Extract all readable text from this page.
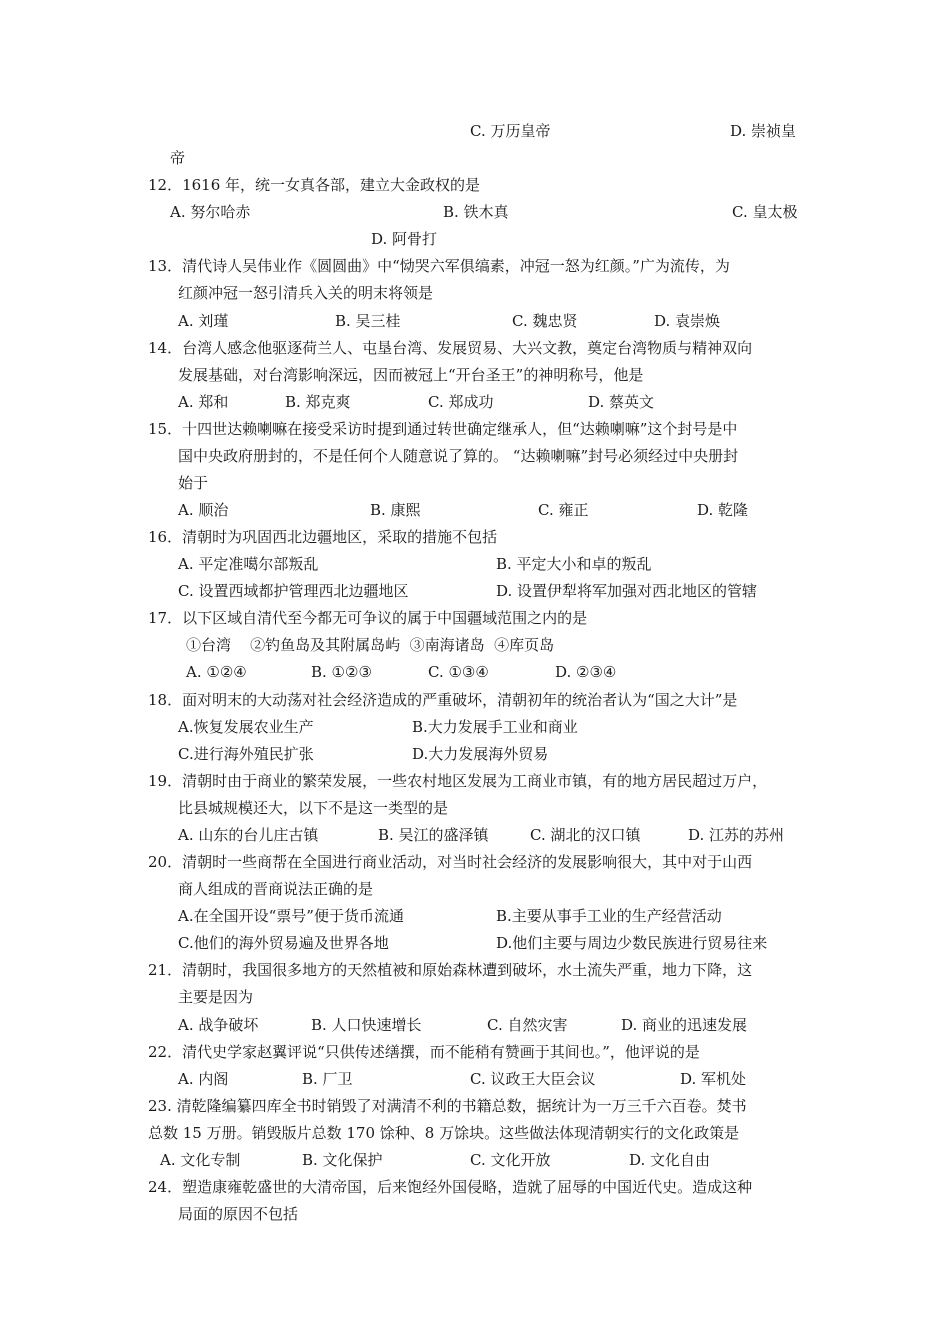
C. 万历皇帝	D. 崇祯皇
帝
12．1616 年，统一女真各部，建立大金政权的是
A. 努尔哈赤	B. 铁木真	C. 皇太极
D. 阿骨打
13．清代诗人吴伟业作《圆圆曲》中“恸哭六军俱缟素，冲冠一怒为红颜。”广为流传，为
红颜冲冠一怒引清兵入关的明末将领是
A. 刘瑾	B. 吴三桂	C. 魏忠贤	D. 袁崇焕
14．台湾人感念他驱逐荷兰人、屯垦台湾、发展贸易、大兴文教，奠定台湾物质与精神双向
发展基础，对台湾影响深远，因而被冠上“开台圣王”的神明称号，他是
A. 郑和	B. 郑克爽	C. 郑成功	D. 蔡英文
15．十四世达赖喇嘛在接受采访时提到通过转世确定继承人，但“达赖喇嘛”这个封号是中
国中央政府册封的，不是任何个人随意说了算的。 “达赖喇嘛”封号必须经过中央册封
始于
A. 顺治	B. 康熙	C. 雍正	D. 乾隆
16．清朝时为巩固西北边疆地区，采取的措施不包括
A. 平定准噶尔部叛乱	B. 平定大小和卓的叛乱
C. 设置西域都护管理西北边疆地区	D. 设置伊犁将军加强对西北地区的管辖
17．以下区域自清代至今都无可争议的属于中国疆域范围之内的是
①台湾    ②钓鱼岛及其附属岛屿  ③南海诸岛  ④库页岛
A. ①②④	B. ①②③	C. ①③④	D. ②③④
18．面对明末的大动荡对社会经济造成的严重破坏，清朝初年的统治者认为“国之大计”是
A.恢复发展农业生产	B.大力发展手工业和商业
C.进行海外殖民扩张	D.大力发展海外贸易
19．清朝时由于商业的繁荣发展，一些农村地区发展为工商业市镇，有的地方居民超过万户，
比县城规模还大，以下不是这一类型的是
A. 山东的台儿庄古镇	B. 吴江的盛泽镇	C. 湖北的汉口镇	D. 江苏的苏州
20．清朝时一些商帮在全国进行商业活动，对当时社会经济的发展影响很大，其中对于山西
商人组成的晋商说法正确的是
A.在全国开设“票号”便于货币流通	B.主要从事手工业的生产经营活动
C.他们的海外贸易遍及世界各地	D.他们主要与周边少数民族进行贸易往来
21．清朝时，我国很多地方的天然植被和原始森林遭到破坏，水土流失严重，地力下降，这
主要是因为
A. 战争破坏	B. 人口快速增长	C. 自然灾害	D. 商业的迅速发展
22．清代史学家赵翼评说“只供传述缮撰，而不能稍有赞画于其间也。”，他评说的是
A. 内阁	B. 厂卫	C. 议政王大臣会议	D. 军机处
23. 清乾隆编纂四库全书时销毁了对满清不利的书籍总数，据统计为一万三千六百卷。焚书
总数 15 万册。销毁版片总数 170 馀种、8 万馀块。这些做法体现清朝实行的文化政策是
A. 文化专制	B. 文化保护	C. 文化开放	D. 文化自由
24．塑造康雍乾盛世的大清帝国，后来饱经外国侵略，造就了屈辱的中国近代史。造成这种
局面的原因不包括
